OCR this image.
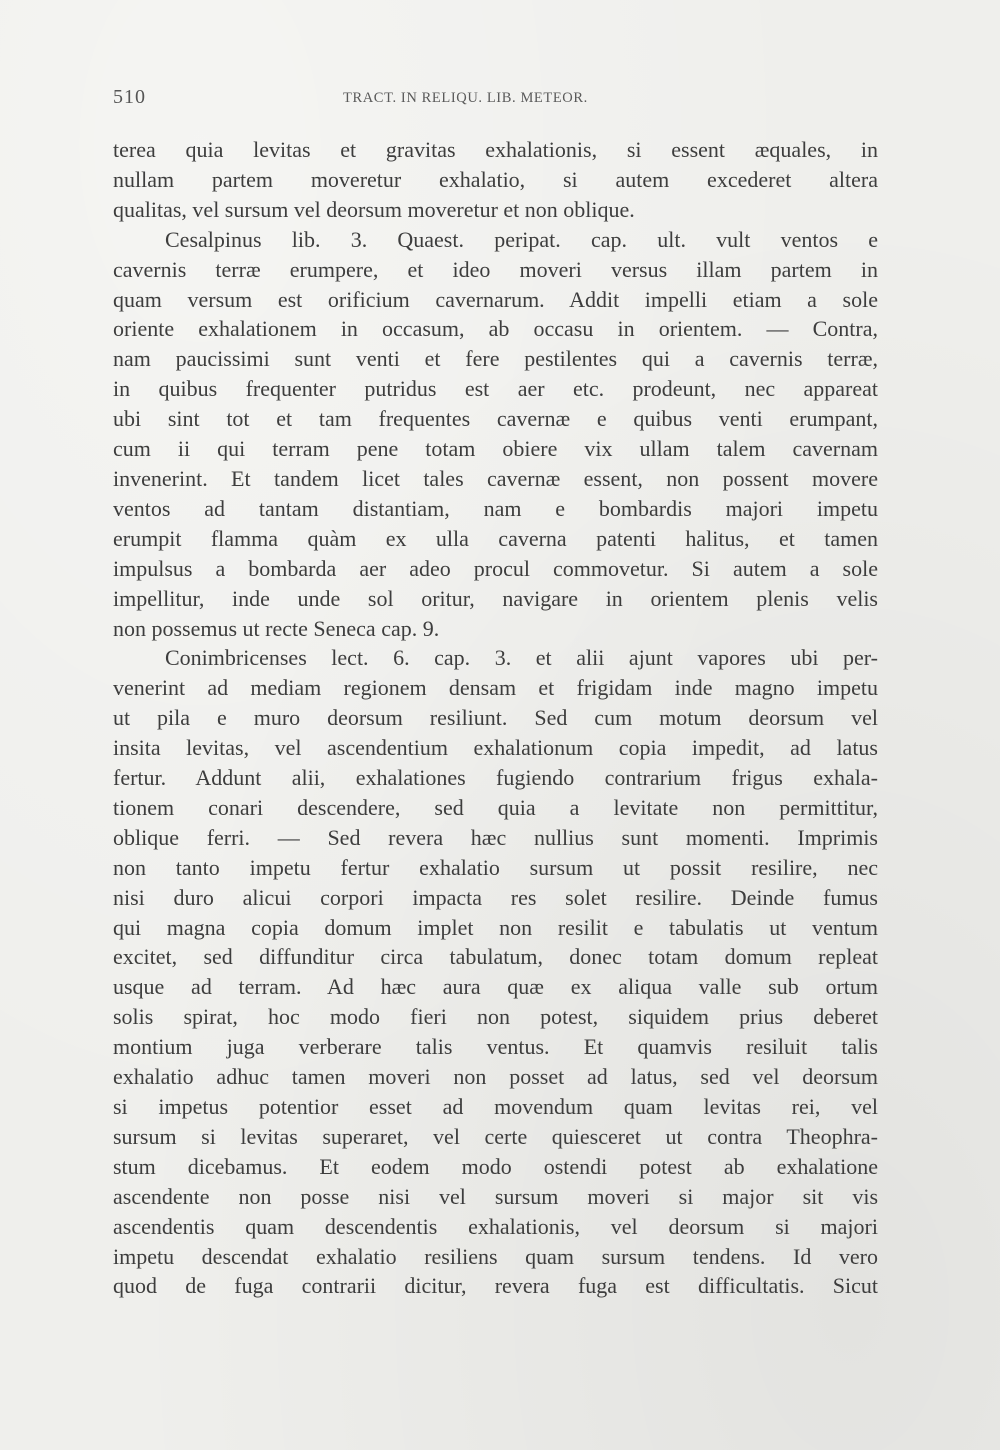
510	TRACT. IN RELIQU. LIB. METEOR.
terea quia levitas et gravitas exhalationis, si essent æquales, in
nullam partem moveretur exhalatio, si autem excederet altera
qualitas, vel sursum vel deorsum moveretur et non oblique.
Cesalpinus lib. 3. Quaest. peripat. cap. ult. vult ventos e
cavernis terræ erumpere, et ideo moveri versus illam partem in
quam versum est orificium cavernarum. Addit impelli etiam a sole
oriente exhalationem in occasum, ab occasu in orientem. — Contra,
nam paucissimi sunt venti et fere pestilentes qui a cavernis terræ,
in quibus frequenter putridus est aer etc. prodeunt, nec appareat
ubi sint tot et tam frequentes cavernæ e quibus venti erumpant,
cum ii qui terram pene totam obiere vix ullam talem cavernam
invenerint. Et tandem licet tales cavernæ essent, non possent movere
ventos ad tantam distantiam, nam e bombardis majori impetu
erumpit flamma quàm ex ulla caverna patenti halitus, et tamen
impulsus a bombarda aer adeo procul commovetur. Si autem a sole
impellitur, inde unde sol oritur, navigare in orientem plenis velis
non possemus ut recte Seneca cap. 9.
Conimbricenses lect. 6. cap. 3. et alii ajunt vapores ubi per-
venerint ad mediam regionem densam et frigidam inde magno impetu
ut pila e muro deorsum resiliunt. Sed cum motum deorsum vel
insita levitas, vel ascendentium exhalationum copia impedit, ad latus
fertur. Addunt alii, exhalationes fugiendo contrarium frigus exhala-
tionem conari descendere, sed quia a levitate non permittitur,
oblique ferri. — Sed revera hæc nullius sunt momenti. Imprimis
non tanto impetu fertur exhalatio sursum ut possit resilire, nec
nisi duro alicui corpori impacta res solet resilire. Deinde fumus
qui magna copia domum implet non resilit e tabulatis ut ventum
excitet, sed diffunditur circa tabulatum, donec totam domum repleat
usque ad terram. Ad hæc aura quæ ex aliqua valle sub ortum
solis spirat, hoc modo fieri non potest, siquidem prius deberet
montium juga verberare talis ventus. Et quamvis resiluit talis
exhalatio adhuc tamen moveri non posset ad latus, sed vel deorsum
si impetus potentior esset ad movendum quam levitas rei, vel
sursum si levitas superaret, vel certe quiesceret ut contra Theophra-
stum dicebamus. Et eodem modo ostendi potest ab exhalatione
ascendente non posse nisi vel sursum moveri si major sit vis
ascendentis quam descendentis exhalationis, vel deorsum si majori
impetu descendat exhalatio resiliens quam sursum tendens. Id vero
quod de fuga contrarii dicitur, revera fuga est difficultatis. Sicut
